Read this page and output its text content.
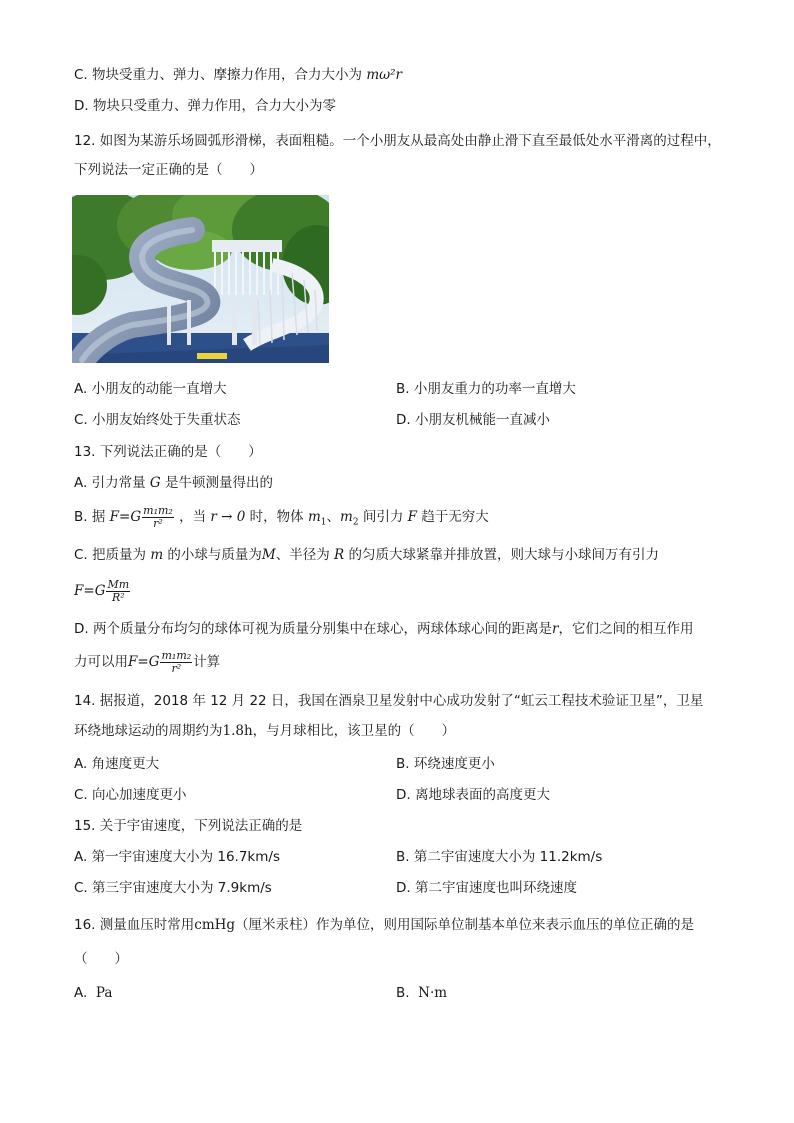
C. 物块受重力、弹力、摩擦力作用，合力大小为 mω²r
D. 物块只受重力、弹力作用，合力大小为零
12. 如图为某游乐场圆弧形滑梯，表面粗糙。一个小朋友从最高处由静止滑下直至最低处水平滑离的过程中，
下列说法一定正确的是（　　）
A. 小朋友的动能一直增大	B. 小朋友重力的功率一直增大
C. 小朋友始终处于失重状态	D. 小朋友机械能一直减小
13. 下列说法正确的是（　　）
A. 引力常量 G 是牛顿测量得出的
B. 据 $F=G \frac{\text{m₁m₂}}{\text{r²}}$ ，当 r → 0 时，物体 $m_1$、$m_2$ 间引力 F 趋于无穷大
C. 把质量为 m 的小球与质量为M、半径为 R 的匀质大球紧靠并排放置，则大球与小球间万有引力
$F=G \frac{Mm}{\text{R²}}$
D. 两个质量分布均匀的球体可视为质量分别集中在球心，两球体球心间的距离是r，它们之间的相互作用
力可以用$F=G \frac{\text{m₁m₂}}{\text{r²}}$ 计算
14. 据报道，2018 年 12 月 22 日，我国在酒泉卫星发射中心成功发射了“虹云工程技术验证卫星”，卫星
环绕地球运动的周期约为1.8h，与月球相比，该卫星的（　　）
A. 角速度更大	B. 环绕速度更小
C. 向心加速度更小	D. 离地球表面的高度更大
15. 关于宇宙速度，下列说法正确的是
A. 第一宇宙速度大小为 16.7km/s	B. 第二宇宙速度大小为 11.2km/s
C. 第三宇宙速度大小为 7.9km/s	D. 第二宇宙速度也叫环绕速度
16. 测量血压时常用cmHg（厘米汞柱）作为单位，则用国际单位制基本单位来表示血压的单位正确的是
（　　）
A. Pa	B. N·m
